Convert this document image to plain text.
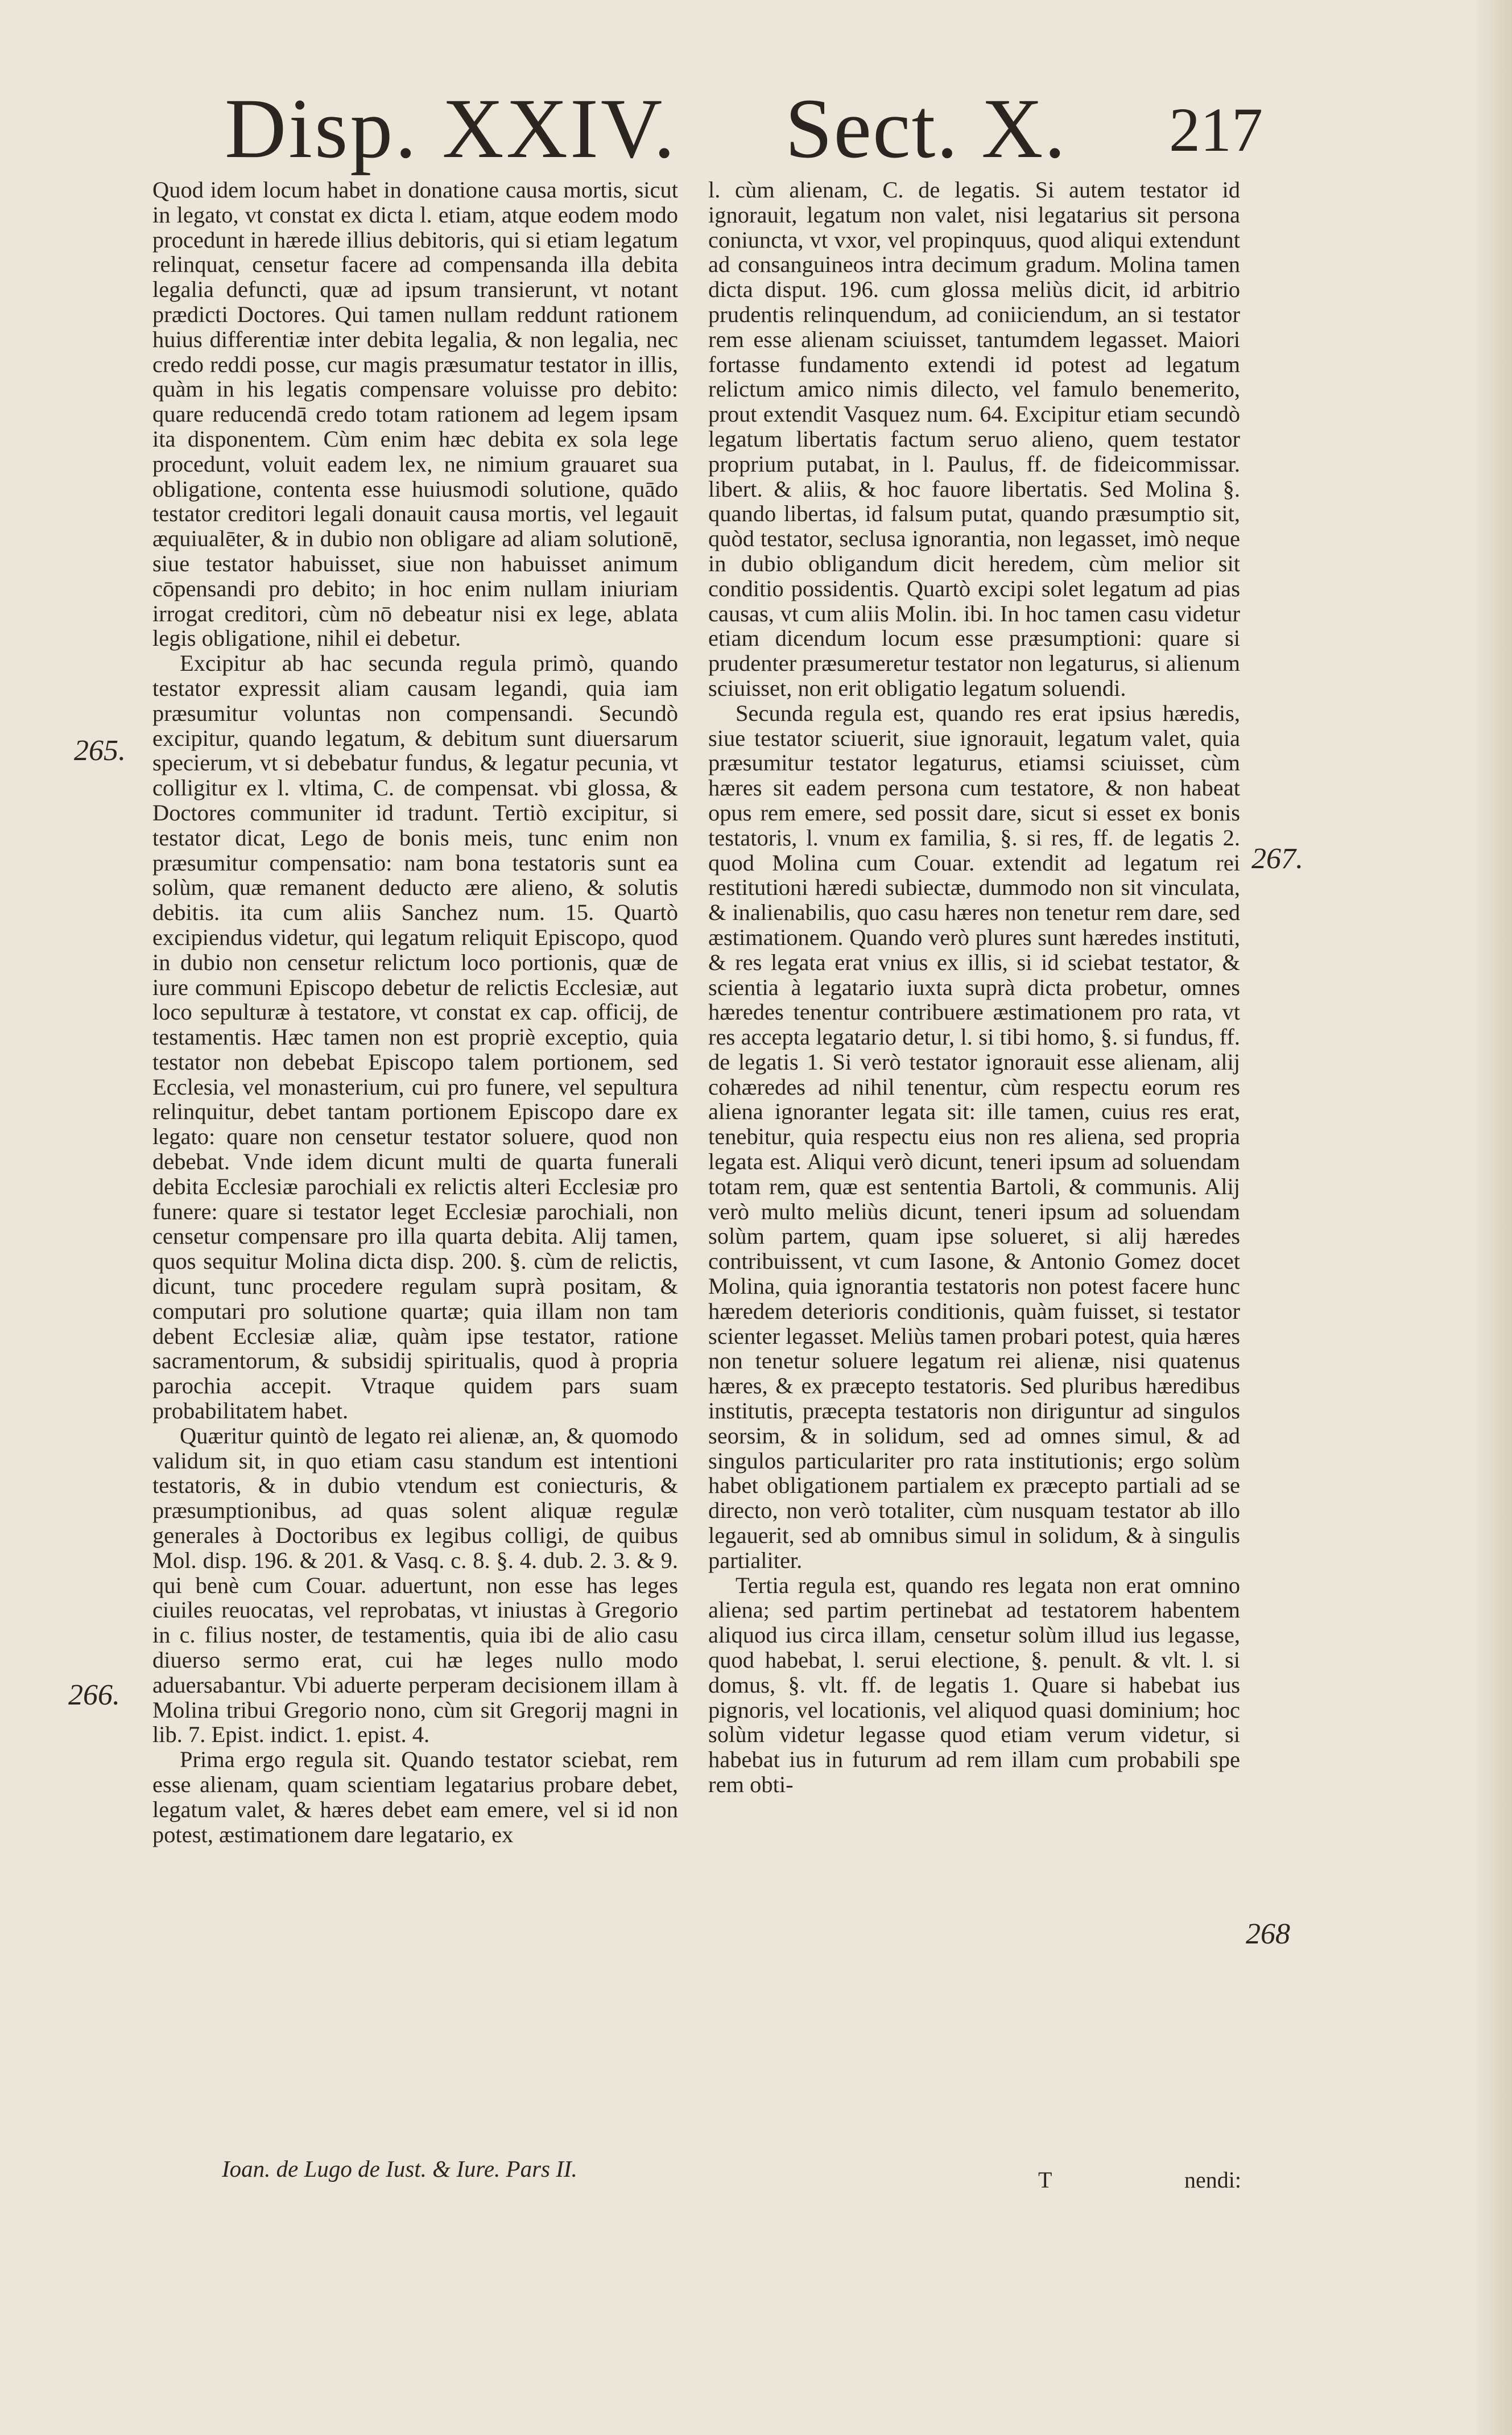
Disp. XXIV. Sect. X. 217

Quod idem locum habet in donatione causa mortis, sicut in legato, vt constat ex dicta l. etiam, atque eodem modo procedunt in hærede illius debitoris, qui si etiam legatum relinquat, censetur facere ad compensanda illa debita legalia defuncti, quæ ad ipsum transierunt, vt notant prædicti Doctores. Qui tamen nullam reddunt rationem huius differentiæ inter debita legalia, & non legalia, nec credo reddi posse, cur magis præsumatur testator in illis, quàm in his legatis compensare voluisse pro debito: quare reducendā credo totam rationem ad legem ipsam ita disponentem. Cùm enim hæc debita ex sola lege procedunt, voluit eadem lex, ne nimium grauaret sua obligatione, contenta esse huiusmodi solutione, quādo testator creditori legali donauit causa mortis, vel legauit æquiualēter, & in dubio non obligare ad aliam solutionē, siue testator habuisset, siue non habuisset animum cōpensandi pro debito; in hoc enim nullam iniuriam irrogat creditori, cùm nō debeatur nisi ex lege, ablata legis obligatione, nihil ei debetur.

Excipitur ab hac secunda regula primò, quando testator expressit aliam causam legandi, quia iam præsumitur voluntas non compensandi. Secundò excipitur, quando legatum, & debitum sunt diuersarum specierum, vt si debebatur fundus, & legatur pecunia, vt colligitur ex l. vltima, C. de compensat. vbi glossa, & Doctores communiter id tradunt. Tertiò excipitur, si testator dicat, Lego de bonis meis, tunc enim non præsumitur compensatio: nam bona testatoris sunt ea solùm, quæ remanent deducto ære alieno, & solutis debitis. ita cum aliis Sanchez num. 15. Quartò excipiendus videtur, qui legatum reliquit Episcopo, quod in dubio non censetur relictum loco portionis, quæ de iure communi Episcopo debetur de relictis Ecclesiæ, aut loco sepulturæ à testatore, vt constat ex cap. officij, de testamentis. Hæc tamen non est propriè exceptio, quia testator non debebat Episcopo talem portionem, sed Ecclesia, vel monasterium, cui pro funere, vel sepultura relinquitur, debet tantam portionem Episcopo dare ex legato: quare non censetur testator soluere, quod non debebat. Vnde idem dicunt multi de quarta funerali debita Ecclesiæ parochiali ex relictis alteri Ecclesiæ pro funere: quare si testator leget Ecclesiæ parochiali, non censetur compensare pro illa quarta debita. Alij tamen, quos sequitur Molina dicta disp. 200. §. cùm de relictis, dicunt, tunc procedere regulam suprà positam, & computari pro solutione quartæ; quia illam non tam debent Ecclesiæ aliæ, quàm ipse testator, ratione sacramentorum, & subsidij spiritualis, quod à propria parochia accepit. Vtraque quidem pars suam probabilitatem habet.

Quæritur quintò de legato rei alienæ, an, & quomodo validum sit, in quo etiam casu standum est intentioni testatoris, & in dubio vtendum est coniecturis, & præsumptionibus, ad quas solent aliquæ regulæ generales à Doctoribus ex legibus colligi, de quibus Mol. disp. 196. & 201. & Vasq. c. 8. §. 4. dub. 2. 3. & 9. qui benè cum Couar. aduertunt, non esse has leges ciuiles reuocatas, vel reprobatas, vt iniustas à Gregorio in c. filius noster, de testamentis, quia ibi de alio casu diuerso sermo erat, cui hæ leges nullo modo aduersabantur. Vbi aduerte perperam decisionem illam à Molina tribui Gregorio nono, cùm sit Gregorij magni in lib. 7. Epist. indict. 1. epist. 4.

Prima ergo regula sit. Quando testator sciebat, rem esse alienam, quam scientiam legatarius probare debet, legatum valet, & hæres debet eam emere, vel si id non potest, æstimationem dare legatario, ex

l. cùm alienam, C. de legatis. Si autem testator id ignorauit, legatum non valet, nisi legatarius sit persona coniuncta, vt vxor, vel propinquus, quod aliqui extendunt ad consanguineos intra decimum gradum. Molina tamen dicta disput. 196. cum glossa meliùs dicit, id arbitrio prudentis relinquendum, ad coniiciendum, an si testator rem esse alienam sciuisset, tantumdem legasset. Maiori fortasse fundamento extendi id potest ad legatum relictum amico nimis dilecto, vel famulo benemerito, prout extendit Vasquez num. 64. Excipitur etiam secundò legatum libertatis factum seruo alieno, quem testator proprium putabat, in l. Paulus, ff. de fideicommissar. libert. & aliis, & hoc fauore libertatis. Sed Molina §. quando libertas, id falsum putat, quando præsumptio sit, quòd testator, seclusa ignorantia, non legasset, imò neque in dubio obligandum dicit heredem, cùm melior sit conditio possidentis. Quartò excipi solet legatum ad pias causas, vt cum aliis Molin. ibi. In hoc tamen casu videtur etiam dicendum locum esse præsumptioni: quare si prudenter præsumeretur testator non legaturus, si alienum sciuisset, non erit obligatio legatum soluendi.

Secunda regula est, quando res erat ipsius hæredis, siue testator sciuerit, siue ignorauit, legatum valet, quia præsumitur testator legaturus, etiamsi sciuisset, cùm hæres sit eadem persona cum testatore, & non habeat opus rem emere, sed possit dare, sicut si esset ex bonis testatoris, l. vnum ex familia, §. si res, ff. de legatis 2. quod Molina cum Couar. extendit ad legatum rei restitutioni hæredi subiectæ, dummodo non sit vinculata, & inalienabilis, quo casu hæres non tenetur rem dare, sed æstimationem. Quando verò plures sunt hæredes instituti, & res legata erat vnius ex illis, si id sciebat testator, & scientia à legatario iuxta suprà dicta probetur, omnes hæredes tenentur contribuere æstimationem pro rata, vt res accepta legatario detur, l. si tibi homo, §. si fundus, ff. de legatis 1. Si verò testator ignorauit esse alienam, alij cohæredes ad nihil tenentur, cùm respectu eorum res aliena ignoranter legata sit: ille tamen, cuius res erat, tenebitur, quia respectu eius non res aliena, sed propria legata est. Aliqui verò dicunt, teneri ipsum ad soluendam totam rem, quæ est sententia Bartoli, & communis. Alij verò multo meliùs dicunt, teneri ipsum ad soluendam solùm partem, quam ipse solueret, si alij hæredes contribuissent, vt cum Iasone, & Antonio Gomez docet Molina, quia ignorantia testatoris non potest facere hunc hæredem deterioris conditionis, quàm fuisset, si testator scienter legasset. Meliùs tamen probari potest, quia hæres non tenetur soluere legatum rei alienæ, nisi quatenus hæres, & ex præcepto testatoris. Sed pluribus hæredibus institutis, præcepta testatoris non diriguntur ad singulos seorsim, & in solidum, sed ad omnes simul, & ad singulos particulariter pro rata institutionis; ergo solùm habet obligationem partialem ex præcepto partiali ad se directo, non verò totaliter, cùm nusquam testator ab illo legauerit, sed ab omnibus simul in solidum, & à singulis partialiter.

Tertia regula est, quando res legata non erat omnino aliena; sed partim pertinebat ad testatorem habentem aliquod ius circa illam, censetur solùm illud ius legasse, quod habebat, l. serui electione, §. penult. & vlt. l. si domus, §. vlt. ff. de legatis 1. Quare si habebat ius pignoris, vel locationis, vel aliquod quasi dominium; hoc solùm videtur legasse quod etiam verum videtur, si habebat ius in futurum ad rem illam cum probabili spe rem obti-

265.
266.
267.
268
Ioan. de Lugo de Iust. & Iure. Pars II.	T	nendi:
